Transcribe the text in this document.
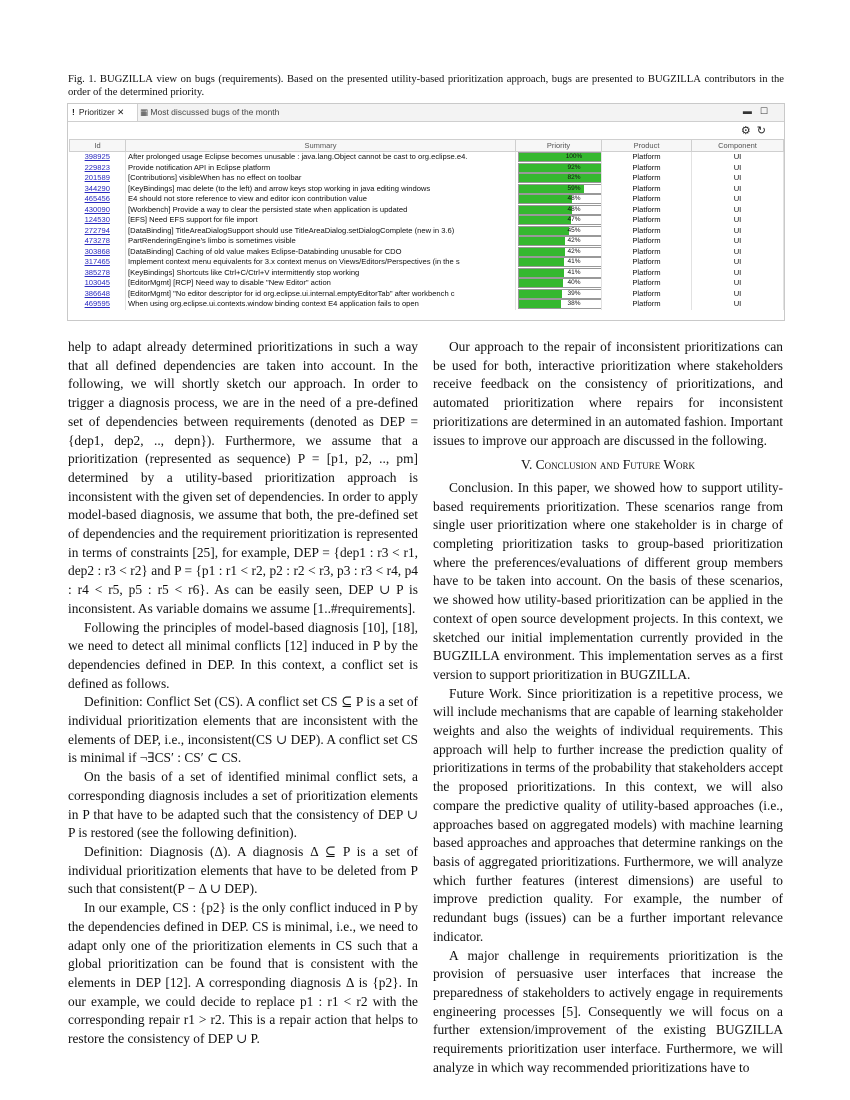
Fig. 1. BUGZILLA view on bugs (requirements). Based on the presented utility-based prioritization approach, bugs are presented to BUGZILLA contributors in the order of the determined priority.
! Prioritizer ✕	▦ Most discussed bugs of the month	▬☐
⚙↻
Id	Summary	Priority	Product	Component
398925	After prolonged usage Eclipse becomes unusable : java.lang.Object cannot be cast to org.eclipse.e4.	100%	Platform	UI
229823	Provide notification API in Eclipse platform	92%	Platform	UI
201589	[Contributions] visibleWhen has no effect on toolbar	82%	Platform	UI
344290	[KeyBindings] mac delete (to the left) and arrow keys stop working in java editing windows	59%	Platform	UI
465456	E4 should not store reference to view and editor icon contribution value	48%	Platform	UI
430090	[Workbench] Provide a way to clear the persisted state when application is updated	48%	Platform	UI
124530	[EFS] Need EFS support for file import	47%	Platform	UI
272794	[DataBinding] TitleAreaDialogSupport should use TitleAreaDialog.setDialogComplete (new in 3.6)	45%	Platform	UI
473278	PartRenderingEngine's limbo is sometimes visible	42%	Platform	UI
303868	[DataBinding] Caching of old value makes Eclipse-Databinding unusable for CDO	42%	Platform	UI
317465	Implement context menu equivalents for 3.x context menus on Views/Editors/Perspectives (in the s	41%	Platform	UI
385278	[KeyBindings] Shortcuts like Ctrl+C/Ctrl+V intermittently stop working	41%	Platform	UI
103045	[EditorMgmt] [RCP] Need way to disable "New Editor" action	40%	Platform	UI
386648	[EditorMgmt] "No editor descriptor for id org.eclipse.ui.internal.emptyEditorTab" after workbench c	39%	Platform	UI
469595	When using org.eclipse.ui.contexts.window binding context E4 application fails to open	38%	Platform	UI

help to adapt already determined prioritizations in such a way that all defined dependencies are taken into account. In the following, we will shortly sketch our approach. In order to trigger a diagnosis process, we are in the need of a pre-defined set of dependencies between requirements (denoted as DEP = {dep1, dep2, .., depn}). Furthermore, we assume that a prioritization (represented as sequence) P = [p1, p2, .., pm] determined by a utility-based prioritization approach is inconsistent with the given set of dependencies. In order to apply model-based diagnosis, we assume that both, the pre-defined set of dependencies and the requirement prioritization is represented in terms of constraints [25], for example, DEP = {dep1 : r3 < r1, dep2 : r3 < r2} and P = {p1 : r1 < r2, p2 : r2 < r3, p3 : r3 < r4, p4 : r4 < r5, p5 : r5 < r6}. As can be easily seen, DEP ∪ P is inconsistent. As variable domains we assume [1..#requirements].

Following the principles of model-based diagnosis [10], [18], we need to detect all minimal conflicts [12] induced in P by the dependencies defined in DEP. In this context, a conflict set is defined as follows.

Definition: Conflict Set (CS). A conflict set CS ⊆ P is a set of individual prioritization elements that are inconsistent with the elements of DEP, i.e., inconsistent(CS ∪ DEP). A conflict set CS is minimal if ¬∃CS′ : CS′ ⊂ CS.

On the basis of a set of identified minimal conflict sets, a corresponding diagnosis includes a set of prioritization elements in P that have to be adapted such that the consistency of DEP ∪ P is restored (see the following definition).

Definition: Diagnosis (Δ). A diagnosis Δ ⊆ P is a set of individual prioritization elements that have to be deleted from P such that consistent(P − Δ ∪ DEP).

In our example, CS : {p2} is the only conflict induced in P by the dependencies defined in DEP. CS is minimal, i.e., we need to adapt only one of the prioritization elements in CS such that a global prioritization can be found that is consistent with the elements in DEP [12]. A corresponding diagnosis Δ is {p2}. In our example, we could decide to replace p1 : r1 < r2 with the corresponding repair r1 > r2. This is a repair action that helps to restore the consistency of DEP ∪ P.

Our approach to the repair of inconsistent prioritizations can be used for both, interactive prioritization where stakeholders receive feedback on the consistency of prioritizations, and automated prioritization where repairs for inconsistent prioritizations are determined in an automated fashion. Important issues to improve our approach are discussed in the following.

V. Conclusion and Future Work

Conclusion. In this paper, we showed how to support utility-based requirements prioritization. These scenarios range from single user prioritization where one stakeholder is in charge of completing prioritization tasks to group-based prioritization where the preferences/evaluations of different group members have to be taken into account. On the basis of these scenarios, we showed how utility-based prioritization can be applied in the context of open source development projects. In this context, we sketched our initial implementation currently provided in the BUGZILLA environment. This implementation serves as a first version to support prioritization in BUGZILLA.

Future Work. Since prioritization is a repetitive process, we will include mechanisms that are capable of learning stakeholder weights and also the weights of individual requirements. This approach will help to further increase the prediction quality of prioritizations in terms of the probability that stakeholders accept the proposed prioritizations. In this context, we will also compare the predictive quality of utility-based approaches (i.e., approaches based on aggregated models) with machine learning based approaches and approaches that determine rankings on the basis of aggregated prioritizations. Furthermore, we will analyze which further features (interest dimensions) are useful to improve prediction quality. For example, the number of redundant bugs (issues) can be a further important relevance indicator.

A major challenge in requirements prioritization is the provision of persuasive user interfaces that increase the preparedness of stakeholders to actively engage in requirements engineering processes [5]. Consequently we will focus on a further extension/improvement of the existing BUGZILLA requirements prioritization user interface. Furthermore, we will analyze in which way recommended prioritizations have to
